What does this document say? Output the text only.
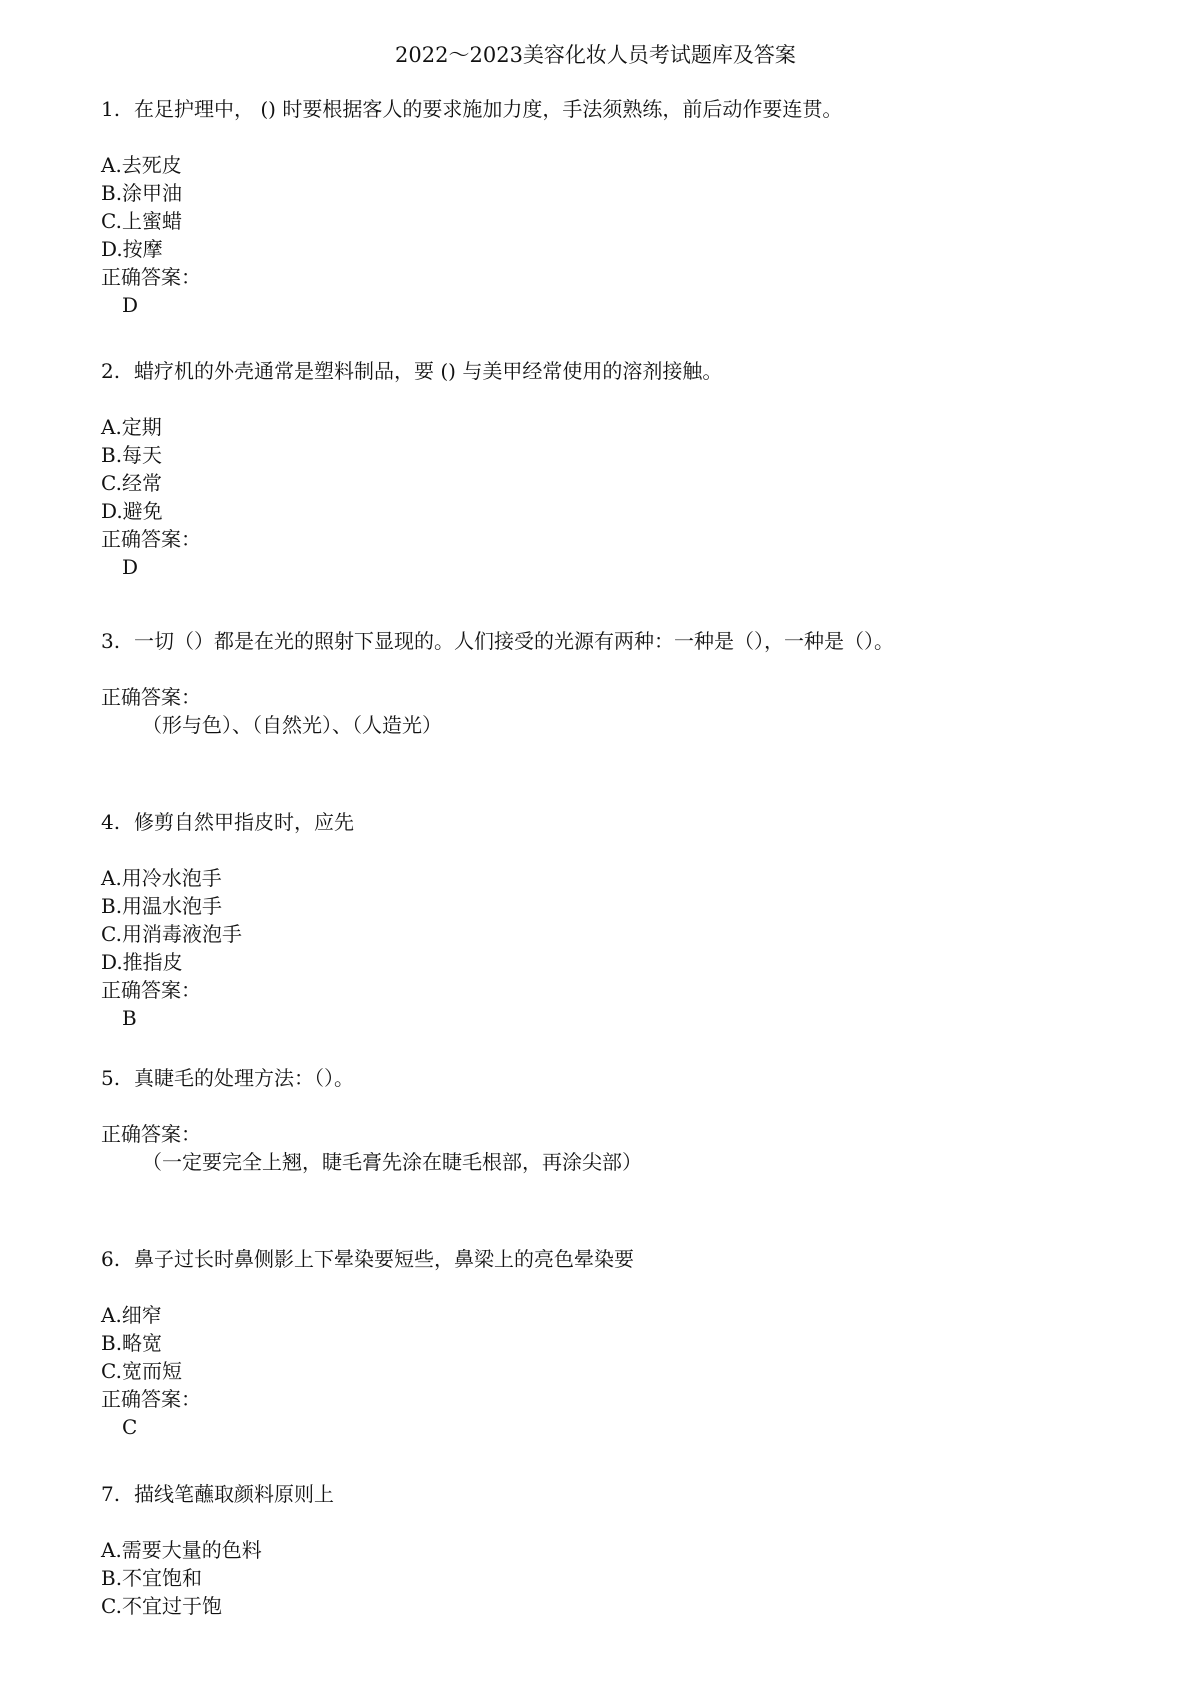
2022～2023美容化妆人员考试题库及答案
1. 在足护理中， () 时要根据客人的要求施加力度，手法须熟练，前后动作要连贯。
A.去死皮
B.涂甲油
C.上蜜蜡
D.按摩
正确答案：
D
2. 蜡疗机的外壳通常是塑料制品，要 () 与美甲经常使用的溶剂接触。
A.定期
B.每天
C.经常
D.避免
正确答案：
D
3. 一切（）都是在光的照射下显现的。人们接受的光源有两种：一种是（），一种是（）。
正确答案：
（形与色）、（自然光）、（人造光）
4. 修剪自然甲指皮时，应先
A.用冷水泡手
B.用温水泡手
C.用消毒液泡手
D.推指皮
正确答案：
B
5. 真睫毛的处理方法：（）。
正确答案：
（一定要完全上翘，睫毛膏先涂在睫毛根部，再涂尖部）
6. 鼻子过长时鼻侧影上下晕染要短些，鼻梁上的亮色晕染要
A.细窄
B.略宽
C.宽而短
正确答案：
C
7. 描线笔蘸取颜料原则上
A.需要大量的色料
B.不宜饱和
C.不宜过于饱
